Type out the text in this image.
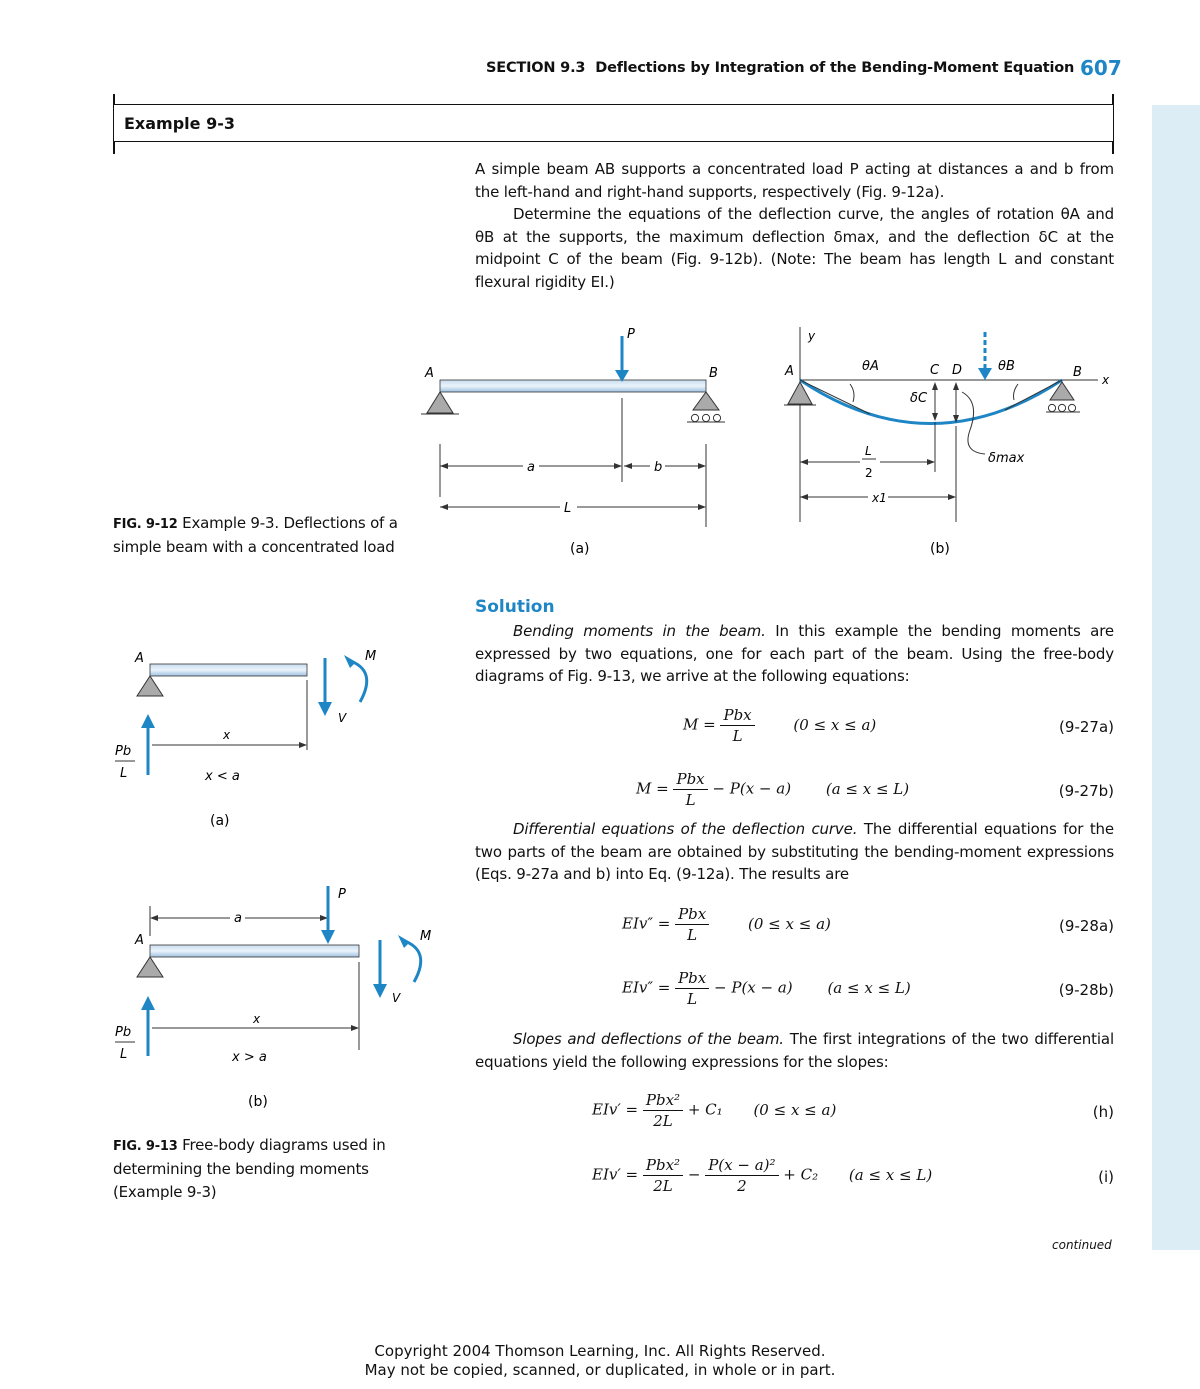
SECTION 9.3 Deflections by Integration of the Bending-Moment Equation 607
Example 9-3

A simple beam AB supports a concentrated load P acting at distances a and b from the left-hand and right-hand supports, respectively (Fig. 9-12a).

Determine the equations of the deflection curve, the angles of rotation θA and θB at the supports, the maximum deflection δmax, and the deflection δC at the midpoint C of the beam (Fig. 9-12b). (Note: The beam has length L and constant flexural rigidity EI.)

P
A	B
a	b
L
(a)
y
x
A	B
C D
θA	θB
δC
δmax
L
2
x1
(b)
FIG. 9-12 Example 9-3. Deflections of a simple beam with a concentrated load
A
Pb
L
V
M
x
x < a
(a)
a
A
P
Pb
L
V
M
x
x > a
(b)
FIG. 9-13 Free-body diagrams used in determining the bending moments (Example 9-3)
Solution

Bending moments in the beam. In this example the bending moments are expressed by two equations, one for each part of the beam. Using the free-body diagrams of Fig. 9-13, we arrive at the following equations:

$M = \frac{\text{Pbx}}{L}$	(0 ≤ x ≤ a)	(9-27a)
$M = \frac{\text{Pbx}}{L} - P(x - a) (a \le x \le L)$	(9-27b)

Differential equations of the deflection curve. The differential equations for the two parts of the beam are obtained by substituting the bending-moment expressions (Eqs. 9-27a and b) into Eq. (9-12a). The results are

$EIv'' = \frac{\text{Pbx}}{L}$	(0 ≤ x ≤ a)	(9-28a)
$EIv'' = \frac{\text{Pbx}}{L} - P(x - a) (a \le x \le L)$	(9-28b)

Slopes and deflections of the beam. The first integrations of the two differential equations yield the following expressions for the slopes:

$EIv' = \frac{\text{Pbx²}}{2L} + C_1$ (0 ≤ x ≤ a)	(h)
$EIv' = \frac{\text{Pbx²}}{2L} - \frac{\text{P(x − a)²}}{2} + C_2$ (a ≤ x ≤ L)	(i)
continued
Copyright 2004 Thomson Learning, Inc. All Rights Reserved.
May not be copied, scanned, or duplicated, in whole or in part.
